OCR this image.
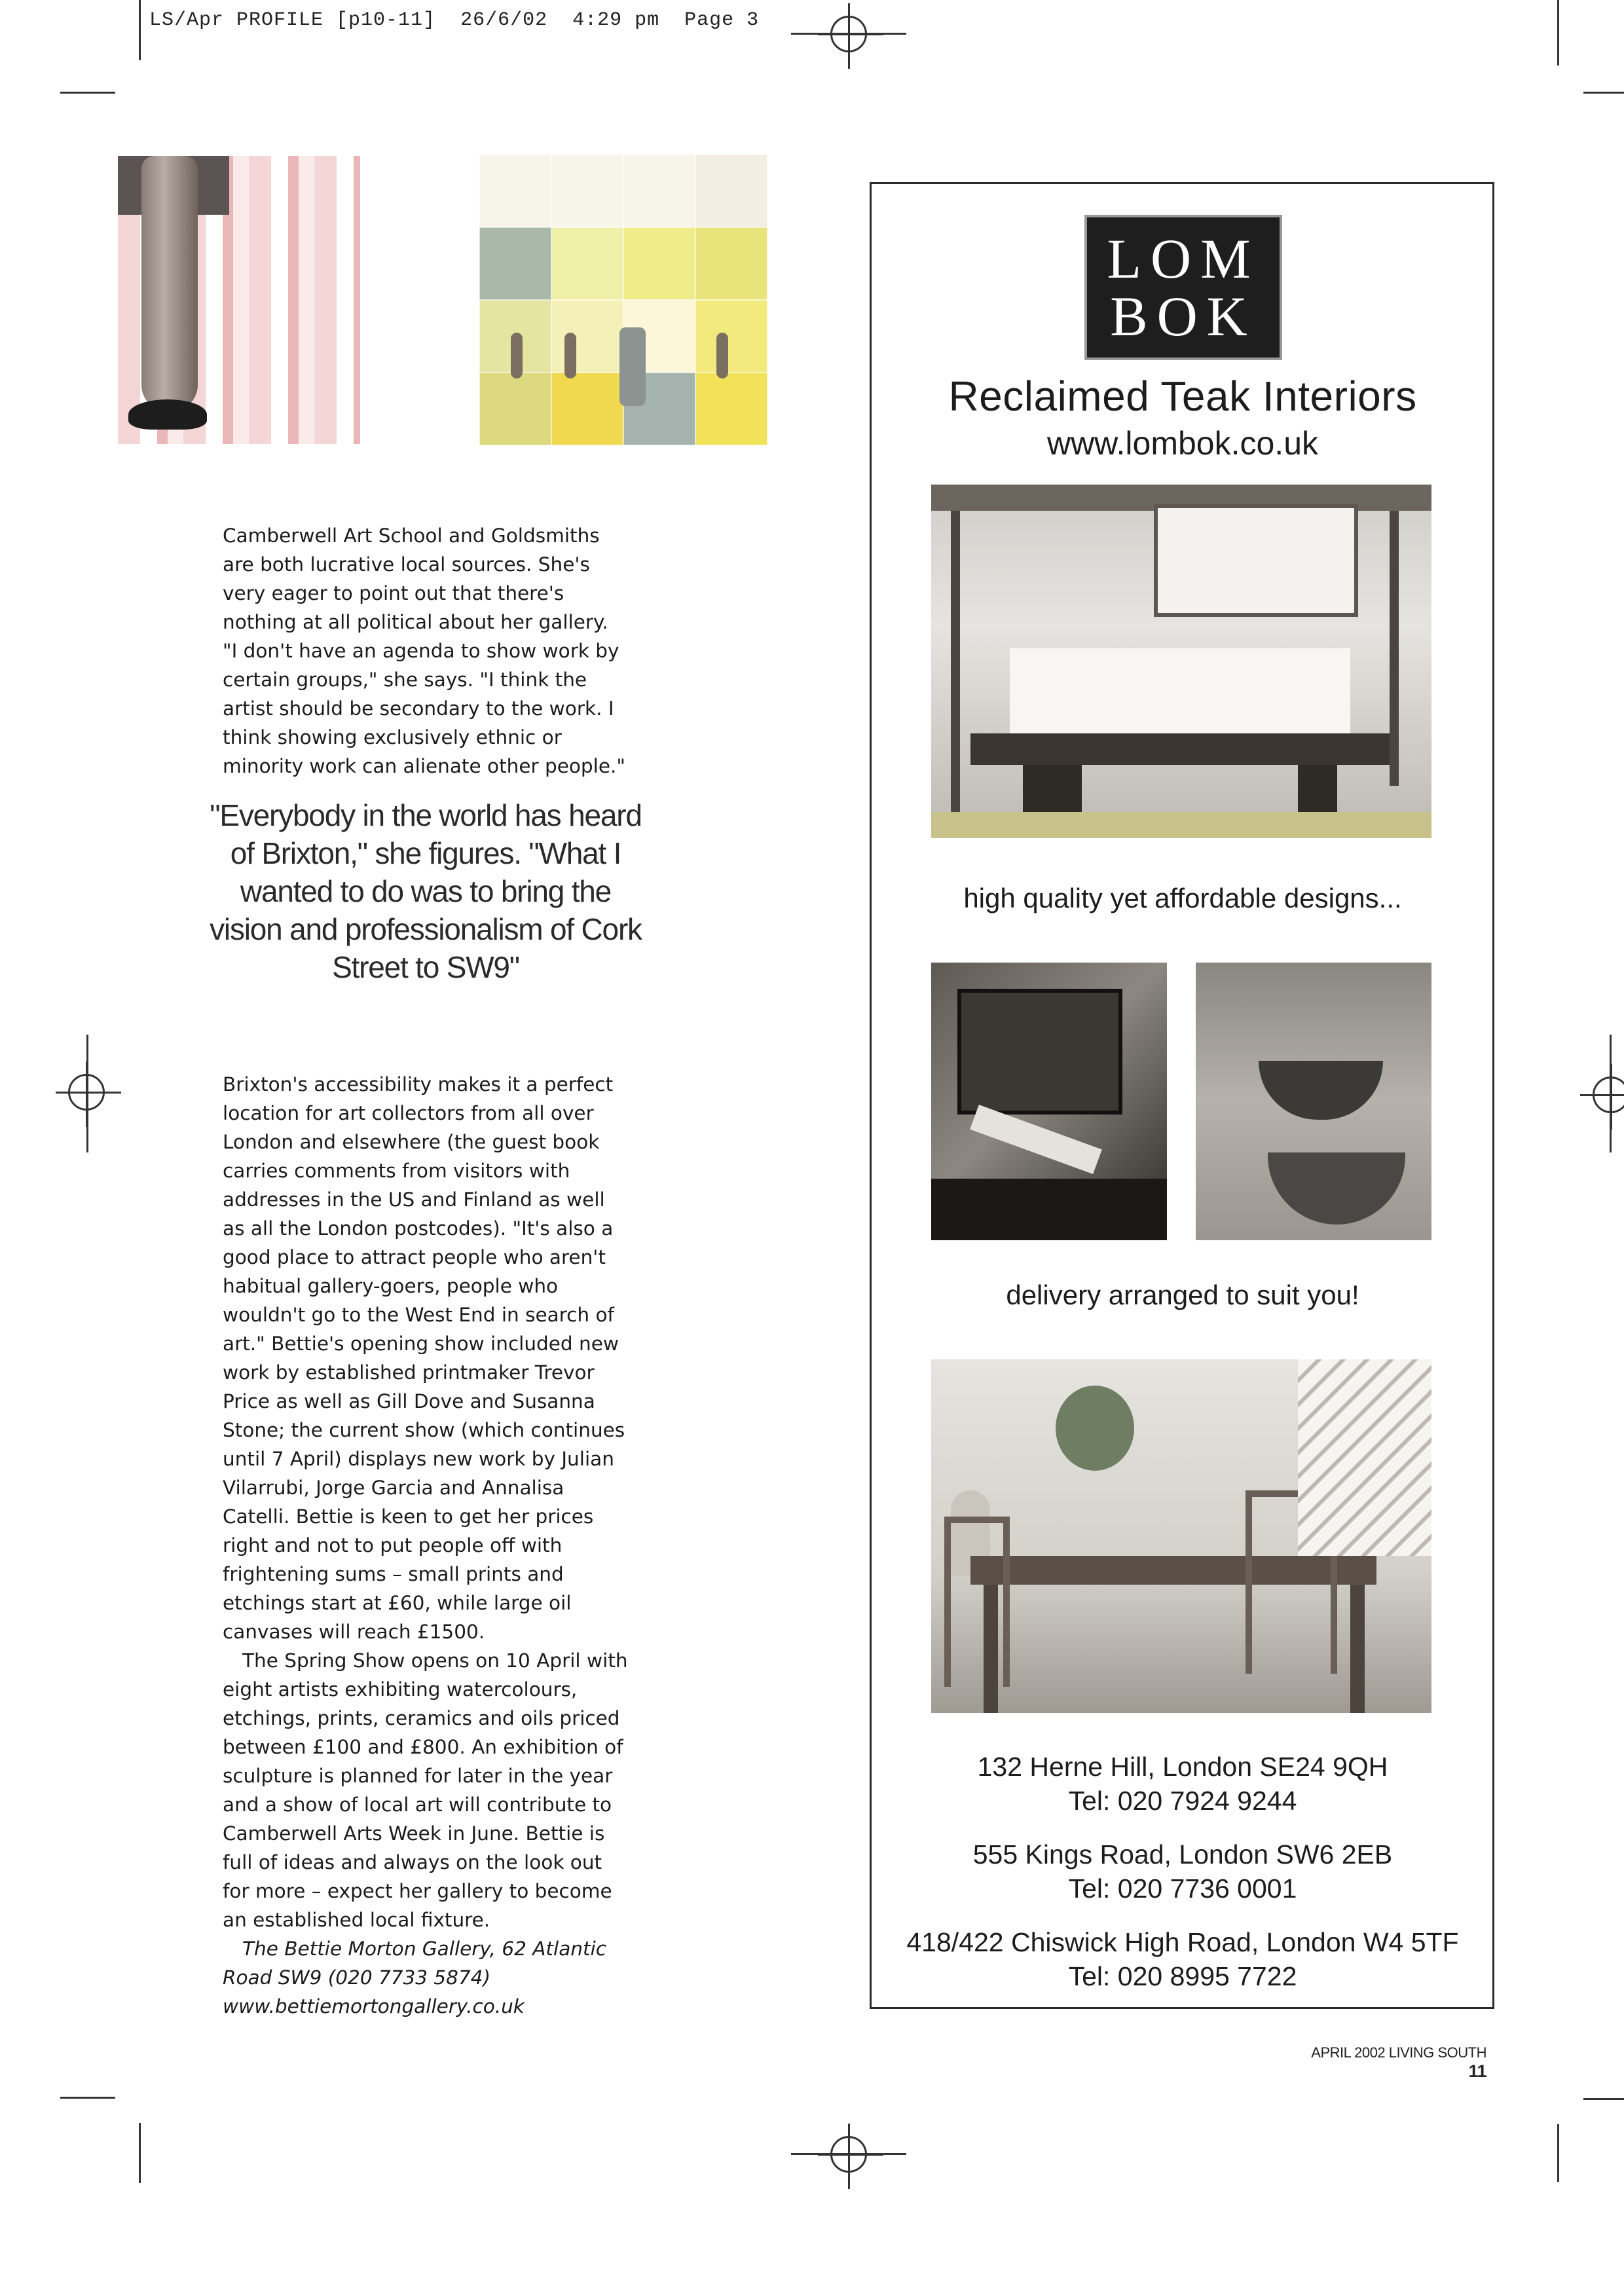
LS/Apr PROFILE [p10-11]  26/6/02  4:29 pm  Page 3

Camberwell Art School and Goldsmiths are both lucrative local sources. She's very eager to point out that there's nothing at all political about her gallery. "I don't have an agenda to show work by certain groups," she says. "I think the artist should be secondary to the work. I think showing exclusively ethnic or minority work can alienate other people."

"Everybody in the world has heard of Brixton," she figures. "What I wanted to do was to bring the vision and professionalism of Cork Street to SW9"

Brixton's accessibility makes it a perfect location for art collectors from all over London and elsewhere (the guest book carries comments from visitors with addresses in the US and Finland as well as all the London postcodes). "It's also a good place to attract people who aren't habitual gallery-goers, people who wouldn't go to the West End in search of art." Bettie's opening show included new work by established printmaker Trevor Price as well as Gill Dove and Susanna Stone; the current show (which continues until 7 April) displays new work by Julian Vilarrubi, Jorge Garcia and Annalisa Catelli. Bettie is keen to get her prices right and not to put people off with frightening sums – small prints and etchings start at £60, while large oil canvases will reach £1500.

The Spring Show opens on 10 April with eight artists exhibiting watercolours, etchings, prints, ceramics and oils priced between £100 and £800. An exhibition of sculpture is planned for later in the year and a show of local art will contribute to Camberwell Arts Week in June. Bettie is full of ideas and always on the look out for more – expect her gallery to become an established local fixture.

The Bettie Morton Gallery, 62 Atlantic Road SW9 (020 7733 5874) www.bettiemortongallery.co.uk

LOM
BOK
Reclaimed Teak Interiors
www.lombok.co.uk
high quality yet affordable designs...
delivery arranged to suit you!
132 Herne Hill, London SE24 9QH
Tel: 020 7924 9244
555 Kings Road, London SW6 2EB
Tel: 020 7736 0001
418/422 Chiswick High Road, London W4 5TF
Tel: 020 8995 7722
APRIL 2002 LIVING SOUTH 11
